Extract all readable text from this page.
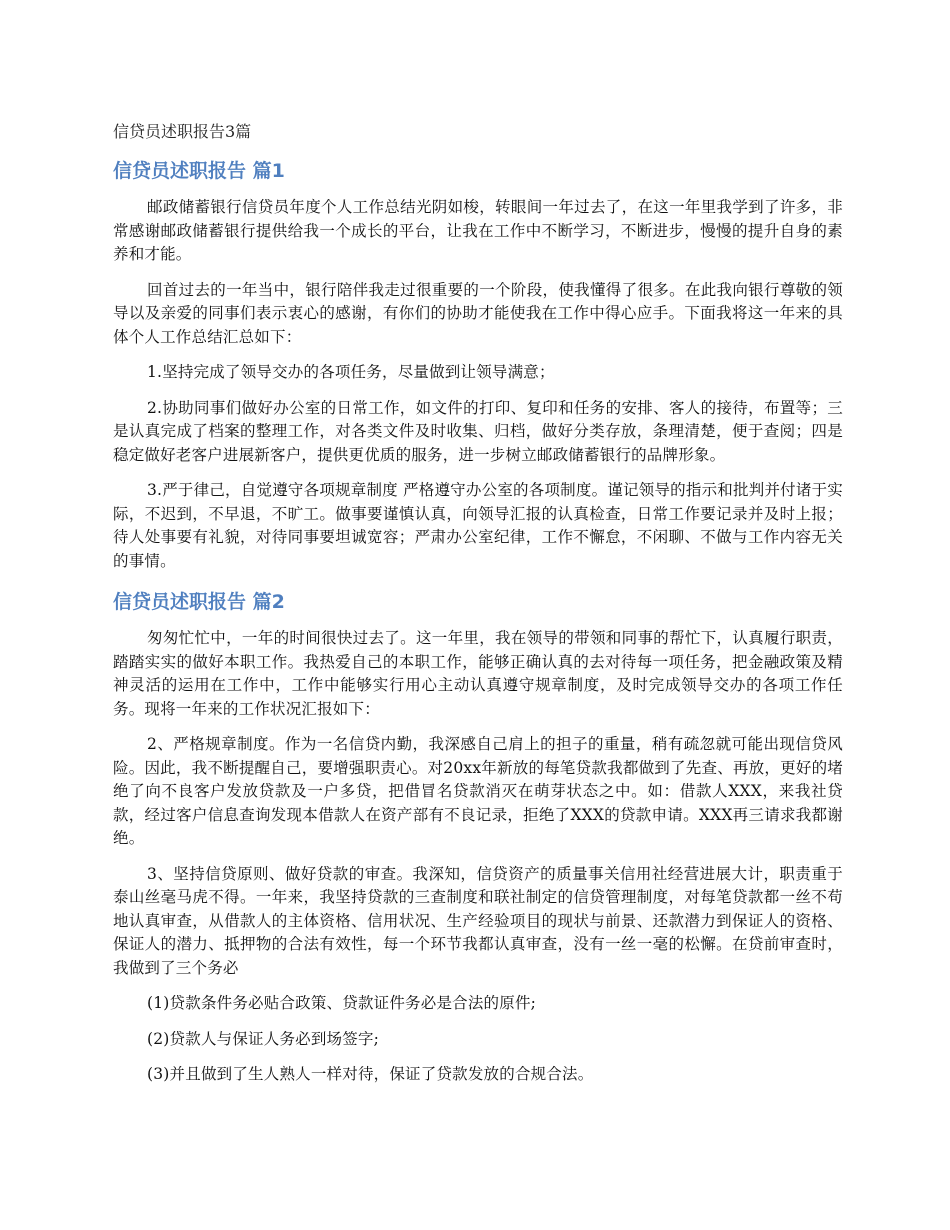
信贷员述职报告3篇
信贷员述职报告 篇1

邮政储蓄银行信贷员年度个人工作总结光阴如梭，转眼间一年过去了，在这一年里我学到了许多，非常感谢邮政储蓄银行提供给我一个成长的平台，让我在工作中不断学习，不断进步，慢慢的提升自身的素养和才能。

回首过去的一年当中，银行陪伴我走过很重要的一个阶段，使我懂得了很多。在此我向银行尊敬的领导以及亲爱的同事们表示衷心的感谢，有你们的协助才能使我在工作中得心应手。下面我将这一年来的具体个人工作总结汇总如下：

1.坚持完成了领导交办的各项任务，尽量做到让领导满意；

2.协助同事们做好办公室的日常工作，如文件的打印、复印和任务的安排、客人的接待，布置等；三是认真完成了档案的整理工作，对各类文件及时收集、归档，做好分类存放，条理清楚，便于查阅；四是稳定做好老客户进展新客户，提供更优质的服务，进一步树立邮政储蓄银行的品牌形象。

3.严于律己，自觉遵守各项规章制度 严格遵守办公室的各项制度。谨记领导的指示和批判并付诸于实际，不迟到，不早退，不旷工。做事要谨慎认真，向领导汇报的认真检查，日常工作要记录并及时上报；待人处事要有礼貌，对待同事要坦诚宽容；严肃办公室纪律，工作不懈怠，不闲聊、不做与工作内容无关的事情。

信贷员述职报告 篇2

匆匆忙忙中，一年的时间很快过去了。这一年里，我在领导的带领和同事的帮忙下，认真履行职责，踏踏实实的做好本职工作。我热爱自己的本职工作，能够正确认真的去对待每一项任务，把金融政策及精神灵活的运用在工作中，工作中能够实行用心主动认真遵守规章制度，及时完成领导交办的各项工作任务。现将一年来的工作状况汇报如下：

2、严格规章制度。作为一名信贷内勤，我深感自己肩上的担子的重量，稍有疏忽就可能出现信贷风险。因此，我不断提醒自己，要增强职责心。对20xx年新放的每笔贷款我都做到了先查、再放，更好的堵绝了向不良客户发放贷款及一户多贷，把借冒名贷款消灭在萌芽状态之中。如：借款人XXX，来我社贷款，经过客户信息查询发现本借款人在资产部有不良记录，拒绝了XXX的贷款申请。XXX再三请求我都谢绝。

3、坚持信贷原则、做好贷款的审查。我深知，信贷资产的质量事关信用社经营进展大计，职责重于泰山丝毫马虎不得。一年来，我坚持贷款的三查制度和联社制定的信贷管理制度，对每笔贷款都一丝不苟地认真审查，从借款人的主体资格、信用状况、生产经验项目的现状与前景、还款潜力到保证人的资格、保证人的潜力、抵押物的合法有效性，每一个环节我都认真审查，没有一丝一毫的松懈。在贷前审查时，我做到了三个务必

(1)贷款条件务必贴合政策、贷款证件务必是合法的原件;

(2)贷款人与保证人务必到场签字;

(3)并且做到了生人熟人一样对待，保证了贷款发放的合规合法。
